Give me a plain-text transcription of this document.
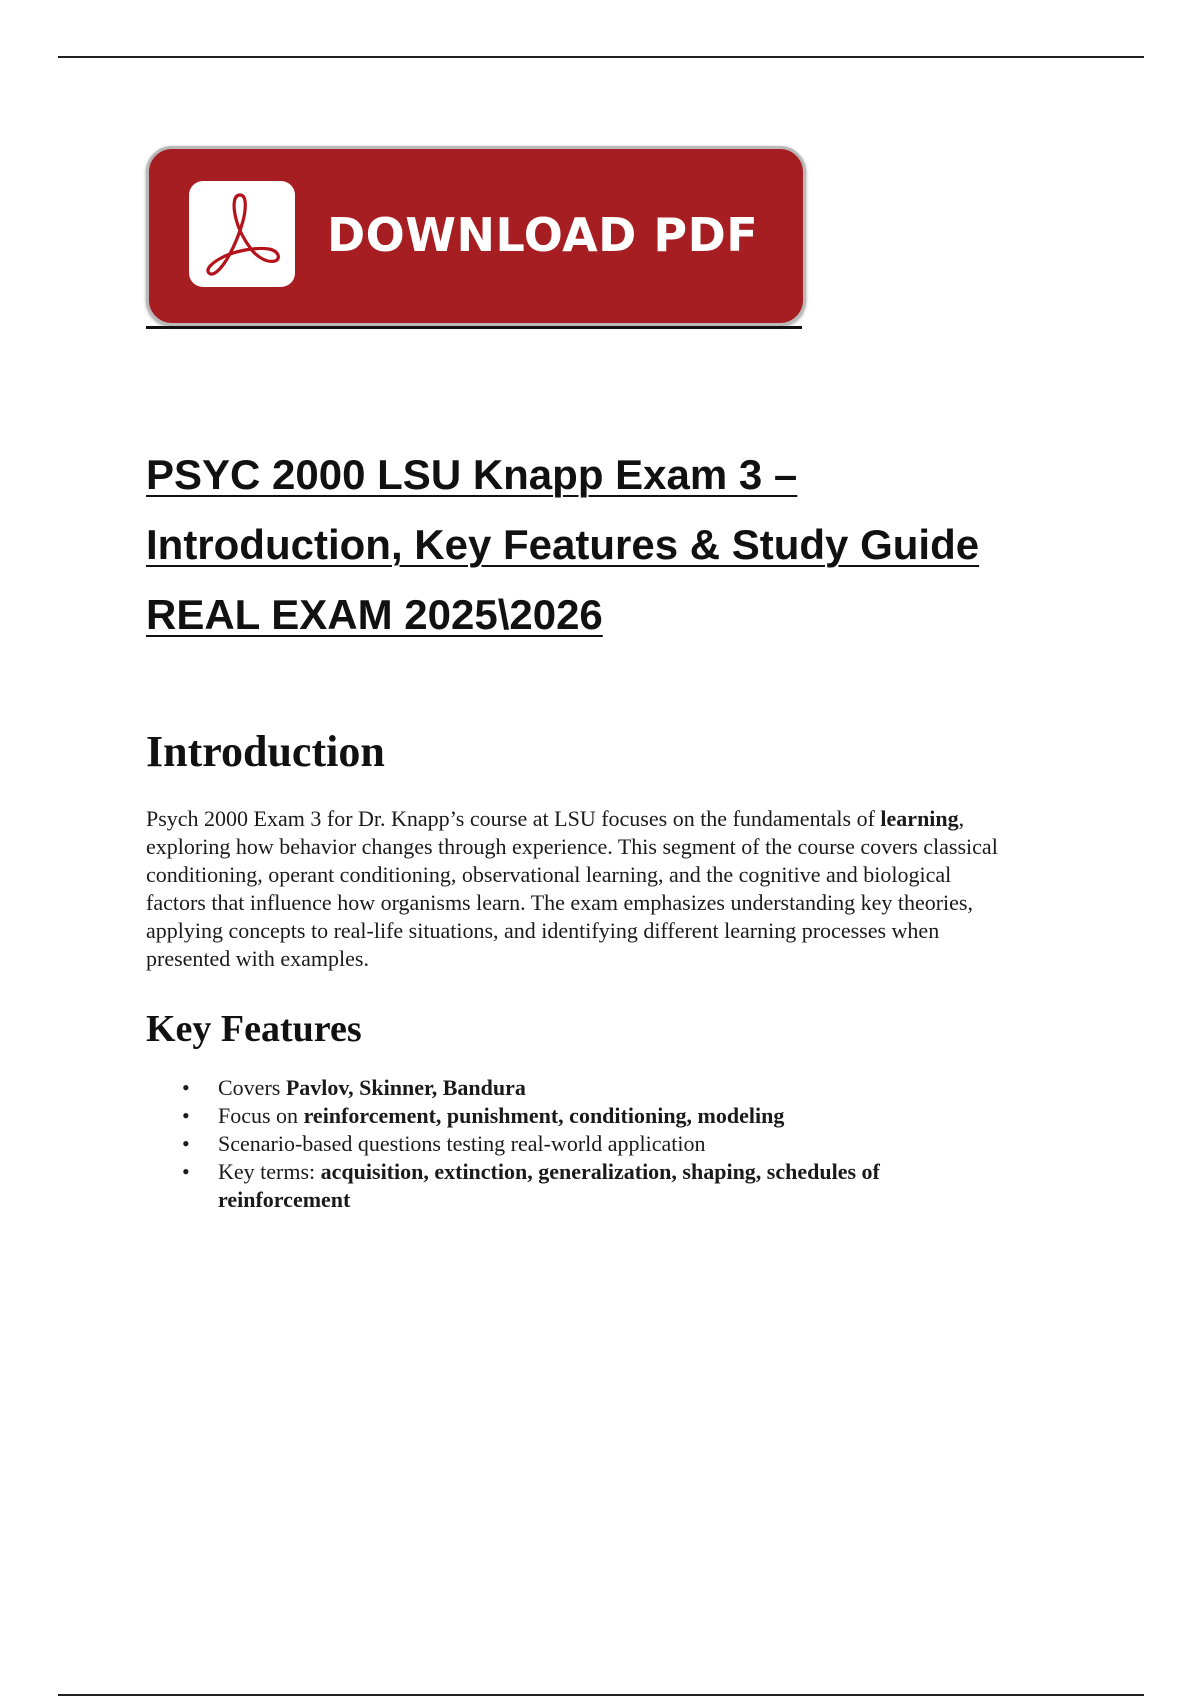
DOWNLOAD PDF
PSYC 2000 LSU Knapp Exam 3 –
Introduction, Key Features & Study Guide
REAL EXAM 2025\2026
Introduction

Psych 2000 Exam 3 for Dr. Knapp’s course at LSU focuses on the fundamentals of learning,
exploring how behavior changes through experience. This segment of the course covers classical
conditioning, operant conditioning, observational learning, and the cognitive and biological
factors that influence how organisms learn. The exam emphasizes understanding key theories,
applying concepts to real-life situations, and identifying different learning processes when
presented with examples.

Key Features
• Covers Pavlov, Skinner, Bandura
• Focus on reinforcement, punishment, conditioning, modeling
• Scenario-based questions testing real-world application
• Key terms: acquisition, extinction, generalization, shaping, schedules of
reinforcement
